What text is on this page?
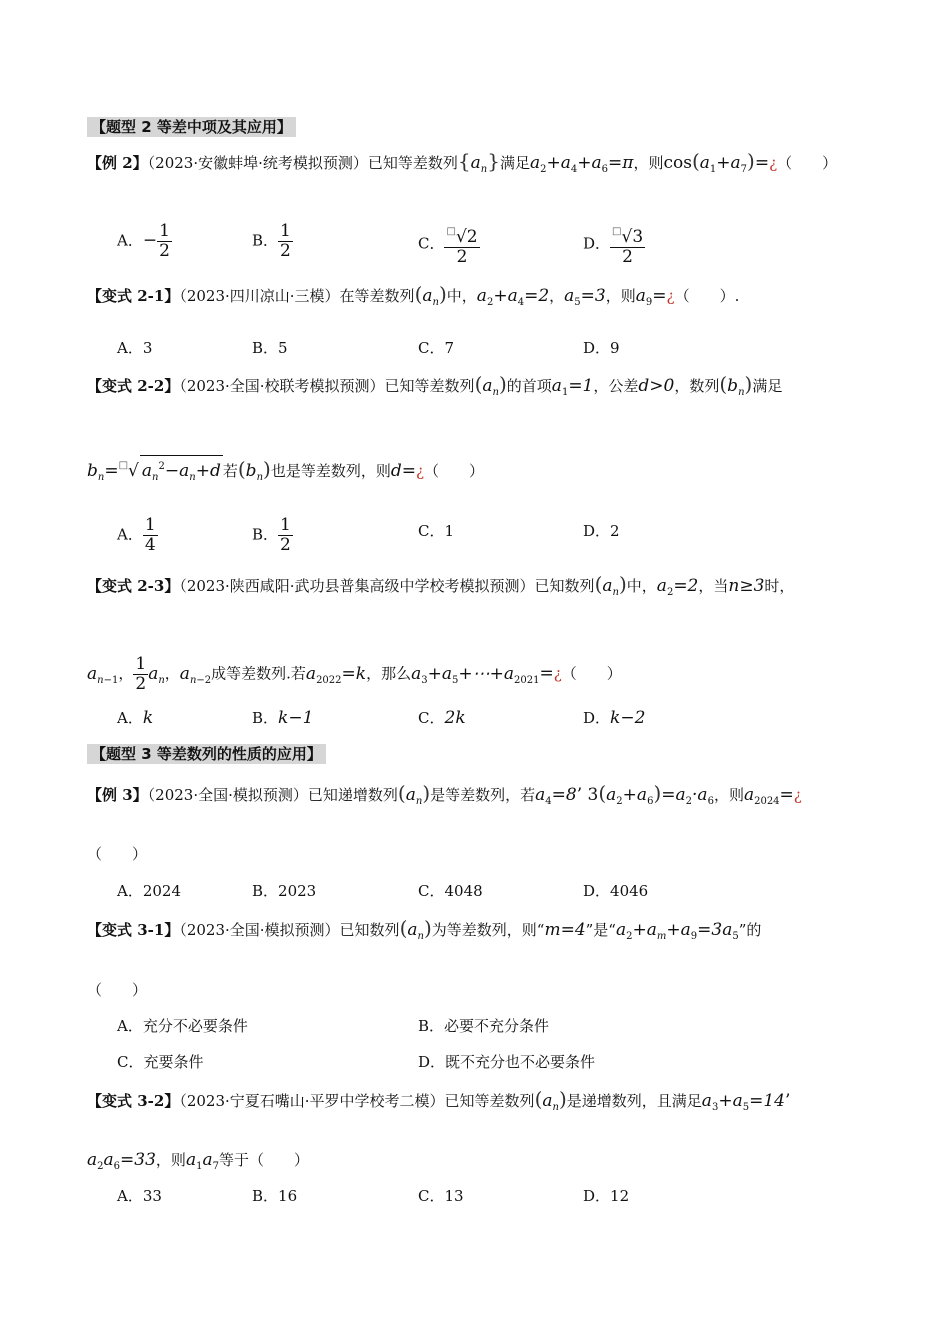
【题型 2 等差中项及其应用】
【例 2】（2023·安徽蚌埠·统考模拟预测）已知等差数列$\{a_n\}$满足$a_2+a_4+a_6=\pi$，则$\cos(a_1+a_7)=¿$（　　）
A．− $\frac{1}{2}$	B． $\frac{1}{2}$	C． $\frac{^□√2}{2}$	D． $\frac{^□√3}{2}$
【变式 2-1】（2023·四川凉山·三模）在等差数列$(a_n)$中，$a_2+a_4=2$，$a_5=3$，则$a_9=¿$（　　）.
A．3	B．5	C．7	D．9
【变式 2-2】（2023·全国·校联考模拟预测）已知等差数列$(a_n)$的首项$a_1=1$，公差d>0，数列$(b_n)$满足
$b_n=^□√$ $a_n^2-a_n+d$ 若$(b_n)$也是等差数列，则d=¿（　　）
A． $\frac{1}{4}$	B． $\frac{1}{2}$	C．1	D．2
【变式 2-3】（2023·陕西咸阳·武功县普集高级中学校考模拟预测）已知数列$(a_n)$中，$a_2=2$，当n≥3时，
$a_{n-1}$， $\frac{1}{2} a_n$，$a_{n-2}$成等差数列.若$a_{2022}=k$，那么$a_3+a_5+\cdots+a_{2021}=¿$（　　）
A．k	B．k−1	C．2k	D．k−2
【题型 3 等差数列的性质的应用】
【例 3】（2023·全国·模拟预测）已知递增数列$(a_n)$是等差数列，若$a_4=8$’ $3(a_2+a_6)=a_2\cdot a_6$，则$a_{2024}=¿$
（　　）
A．2024	B．2023	C．4048	D．4046
【变式 3-1】（2023·全国·模拟预测）已知数列$(a_n)$为等差数列，则“m=4”是“$a_2+a_m+a_9=3a_5$”的
（　　）
A．充分不必要条件	B．必要不充分条件
C．充要条件	D．既不充分也不必要条件
【变式 3-2】（2023·宁夏石嘴山·平罗中学校考二模）已知等差数列$(a_n)$是递增数列，且满足$a_3+a_5=14$’
$a_2a_6=33$，则$a_1a_7$等于（　　）
A．33	B．16	C．13	D．12
